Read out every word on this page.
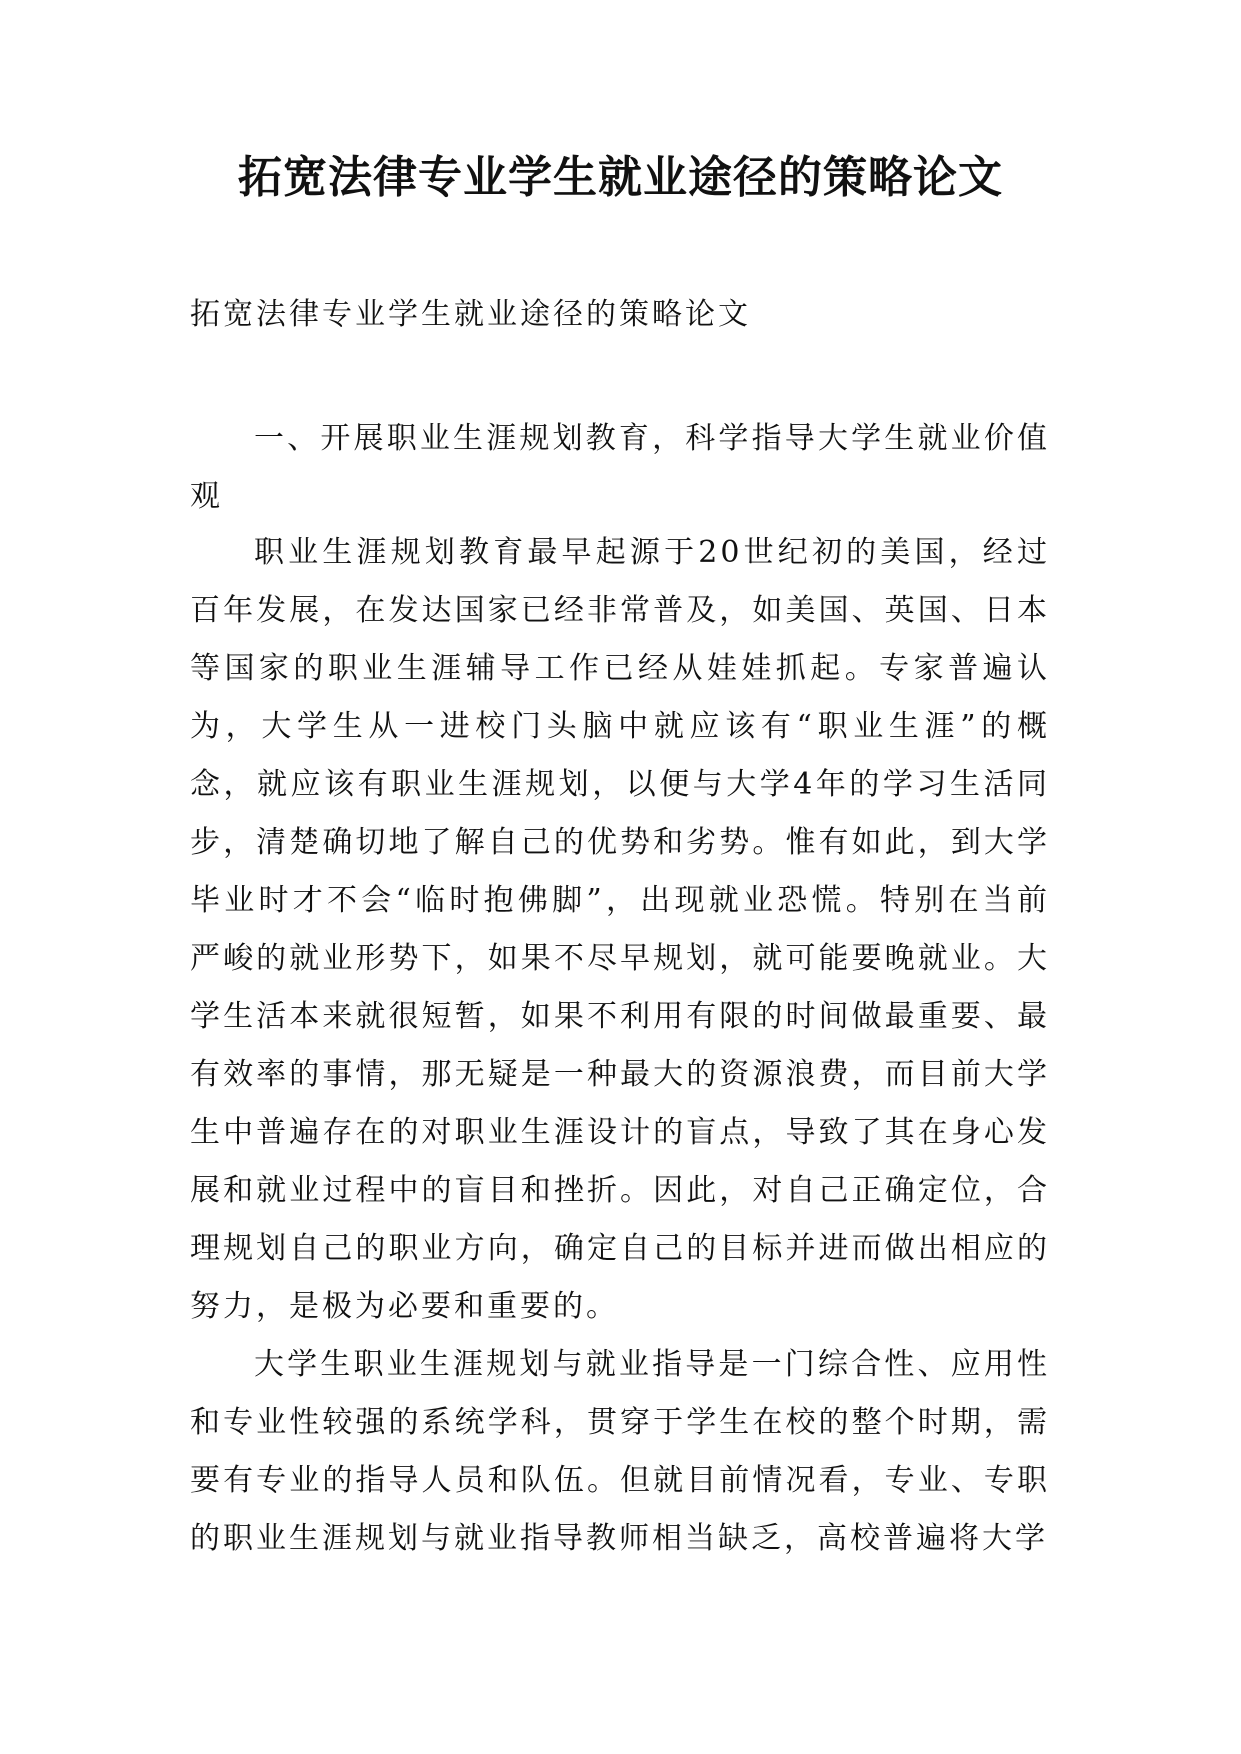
拓宽法律专业学生就业途径的策略论文

拓宽法律专业学生就业途径的策略论文

一、开展职业生涯规划教育，科学指导大学生就业价值观

职业生涯规划教育最早起源于20世纪初的美国，经过百年发展，在发达国家已经非常普及，如美国、英国、日本等国家的职业生涯辅导工作已经从娃娃抓起。专家普遍认为，大学生从一进校门头脑中就应该有“职业生涯”的概念，就应该有职业生涯规划，以便与大学4年的学习生活同步，清楚确切地了解自己的优势和劣势。惟有如此，到大学毕业时才不会“临时抱佛脚”，出现就业恐慌。特别在当前严峻的就业形势下，如果不尽早规划，就可能要晚就业。大学生活本来就很短暂，如果不利用有限的时间做最重要、最有效率的事情，那无疑是一种最大的资源浪费，而目前大学生中普遍存在的对职业生涯设计的盲点，导致了其在身心发展和就业过程中的盲目和挫折。因此，对自己正确定位，合理规划自己的职业方向，确定自己的目标并进而做出相应的努力，是极为必要和重要的。

大学生职业生涯规划与就业指导是一门综合性、应用性和专业性较强的系统学科，贯穿于学生在校的整个时期，需要有专业的指导人员和队伍。但就目前情况看，专业、专职的职业生涯规划与就业指导教师相当缺乏，高校普遍将大学
